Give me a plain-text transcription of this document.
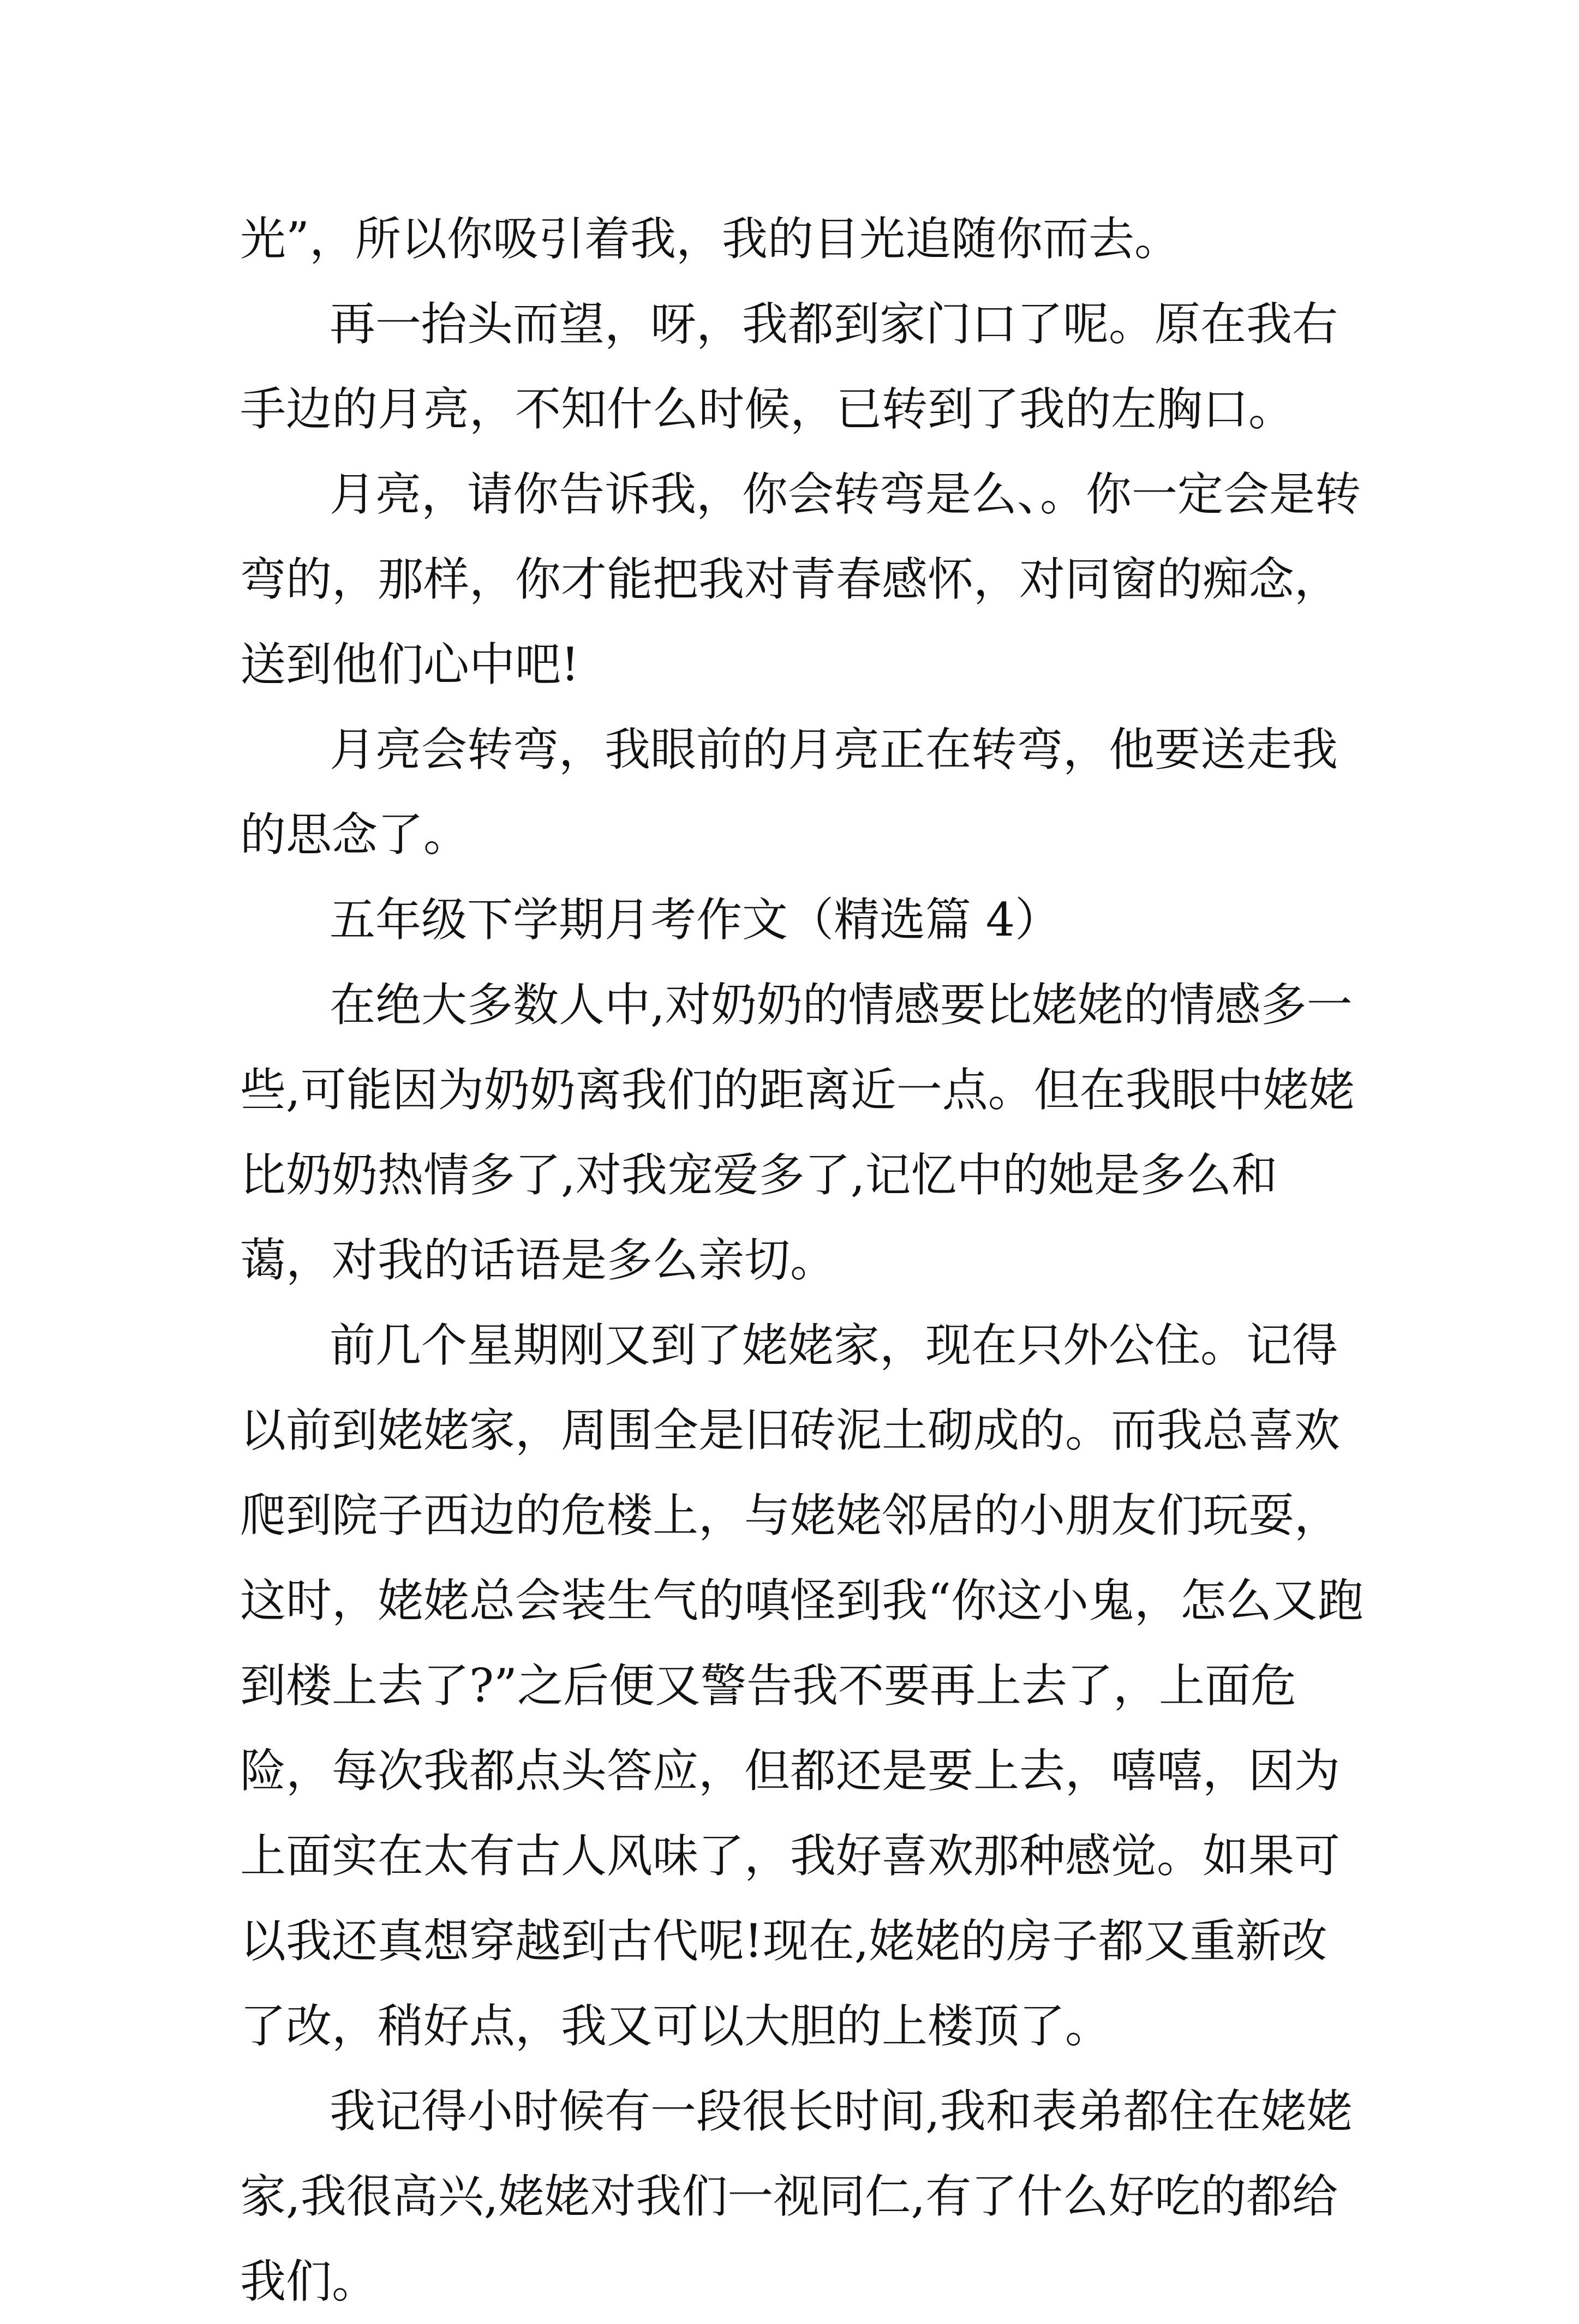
光”，所以你吸引着我，我的目光追随你而去。

再一抬头而望，呀，我都到家门口了呢。原在我右手边的月亮，不知什么时候，已转到了我的左胸口。

月亮，请你告诉我，你会转弯是么、。你一定会是转弯的，那样，你才能把我对青春感怀，对同窗的痴念，送到他们心中吧!

月亮会转弯，我眼前的月亮正在转弯，他要送走我的思念了。

五年级下学期月考作文（精选篇 4）

在绝大多数人中,对奶奶的情感要比姥姥的情感多一些,可能因为奶奶离我们的距离近一点。但在我眼中姥姥比奶奶热情多了,对我宠爱多了,记忆中的她是多么和蔼，对我的话语是多么亲切。

前几个星期刚又到了姥姥家，现在只外公住。记得以前到姥姥家，周围全是旧砖泥土砌成的。而我总喜欢爬到院子西边的危楼上，与姥姥邻居的小朋友们玩耍，这时，姥姥总会装生气的嗔怪到我“你这小鬼，怎么又跑到楼上去了?”之后便又警告我不要再上去了，上面危险，每次我都点头答应，但都还是要上去，嘻嘻，因为上面实在太有古人风味了，我好喜欢那种感觉。如果可以我还真想穿越到古代呢!现在,姥姥的房子都又重新改了改，稍好点，我又可以大胆的上楼顶了。

我记得小时候有一段很长时间,我和表弟都住在姥姥家,我很高兴,姥姥对我们一视同仁,有了什么好吃的都给我们。
